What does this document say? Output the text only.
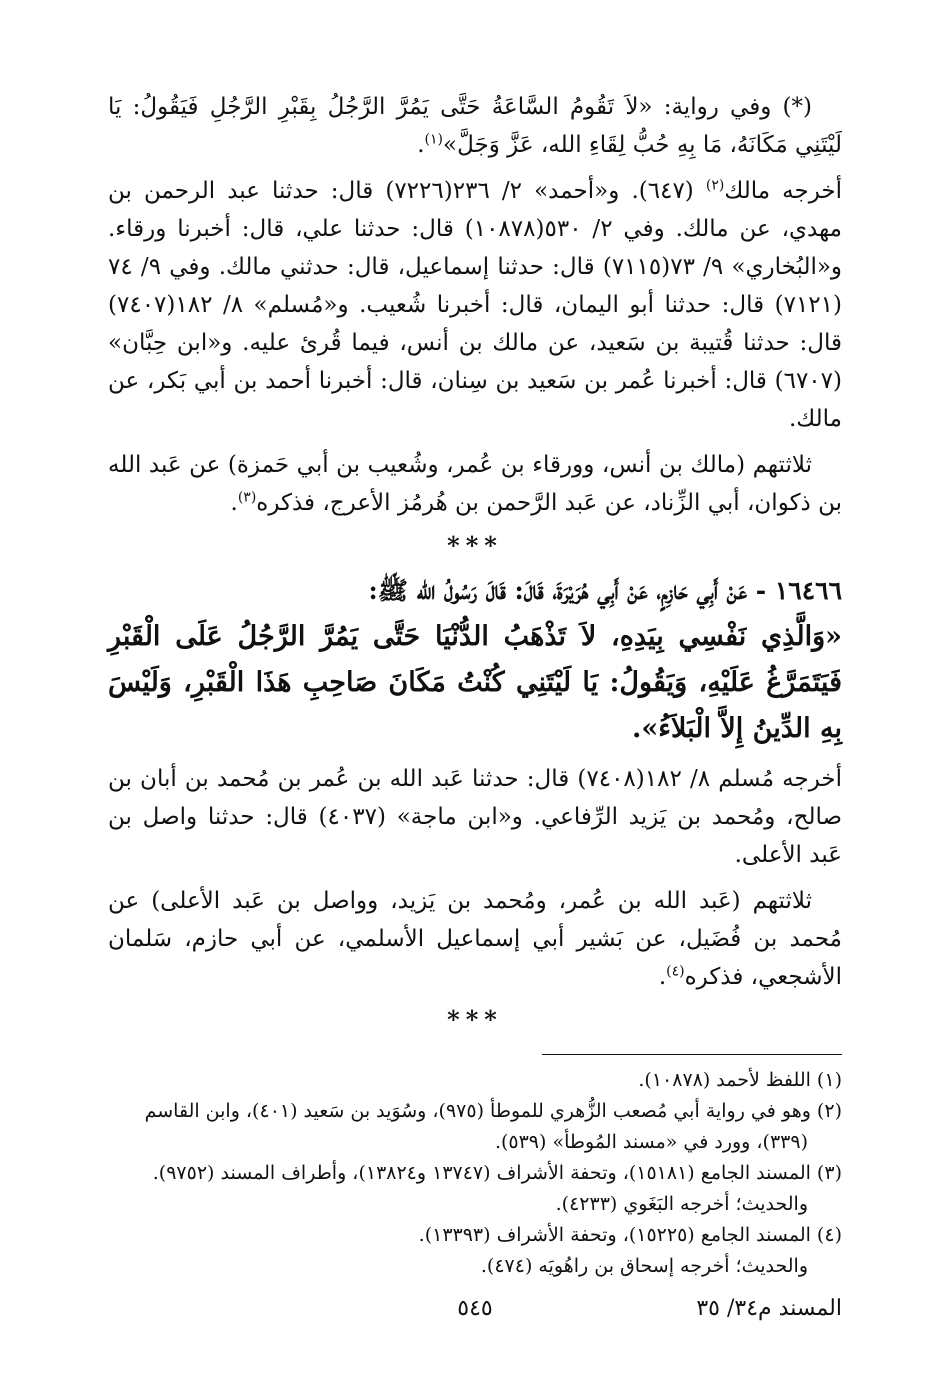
(*) وفي رواية: «لاَ تَقُومُ السَّاعَةُ حَتَّى يَمُرَّ الرَّجُلُ بِقَبْرِ الرَّجُلِ فَيَقُولُ: يَا لَيْتَنِي مَكَانَهُ، مَا بِهِ حُبُّ لِقَاءِ الله، عَزَّ وَجَلَّ»$^{(١)}$.

أخرجه مالك$^{(٢)}$ (٦٤٧). و«أحمد» ٢/ ٢٣٦(٧٢٢٦) قال: حدثنا عبد الرحمن بن مهدي، عن مالك. وفي ٢/ ٥٣٠(١٠٨٧٨) قال: حدثنا علي، قال: أخبرنا ورقاء. و«البُخاري» ٩/ ٧٣(٧١١٥) قال: حدثنا إسماعيل، قال: حدثني مالك. وفي ٩/ ٧٤ (٧١٢١) قال: حدثنا أبو اليمان، قال: أخبرنا شُعيب. و«مُسلم» ٨/ ١٨٢(٧٤٠٧) قال: حدثنا قُتيبة بن سَعيد، عن مالك بن أنس، فيما قُرئ عليه. و«ابن حِبَّان» (٦٧٠٧) قال: أخبرنا عُمر بن سَعيد بن سِنان، قال: أخبرنا أحمد بن أبي بَكر، عن مالك.

ثلاثتهم (مالك بن أنس، وورقاء بن عُمر، وشُعيب بن أبي حَمزة) عن عَبد الله بن ذكوان، أبي الزِّناد، عن عَبد الرَّحمن بن هُرمُز الأعرج، فذكره$^{(٣)}$.

***
١٦٤٦٦ - عَنْ أَبِي حَازِمٍ، عَنْ أَبِي هُرَيْرَةَ، قَالَ: قَالَ رَسُولُ الله ﷺ:

«وَالَّذِي نَفْسِي بِيَدِهِ، لاَ تَذْهَبُ الدُّنْيَا حَتَّى يَمُرَّ الرَّجُلُ عَلَى الْقَبْرِ فَيَتَمَرَّغُ عَلَيْهِ، وَيَقُولُ: يَا لَيْتَنِي كُنْتُ مَكَانَ صَاحِبِ هَذَا الْقَبْرِ، وَلَيْسَ بِهِ الدِّينُ إِلاَّ الْبَلاَءُ».

أخرجه مُسلم ٨/ ١٨٢(٧٤٠٨) قال: حدثنا عَبد الله بن عُمر بن مُحمد بن أبان بن صالح، ومُحمد بن يَزيد الرِّفاعي. و«ابن ماجة» (٤٠٣٧) قال: حدثنا واصل بن عَبد الأعلى.

ثلاثتهم (عَبد الله بن عُمر، ومُحمد بن يَزيد، وواصل بن عَبد الأعلى) عن مُحمد بن فُضَيل، عن بَشير أبي إسماعيل الأسلمي، عن أبي حازم، سَلمان الأشجعي، فذكره$^{(٤)}$.

***

(١) اللفظ لأحمد (١٠٨٧٨).

(٢) وهو في رواية أبي مُصعب الزُّهري للموطأ (٩٧٥)، وسُوَيد بن سَعيد (٤٠١)، وابن القاسم

(٣٣٩)، وورد في «مسند المُوطأ» (٥٣٩).

(٣) المسند الجامع (١٥١٨١)، وتحفة الأشراف (١٣٧٤٧ و١٣٨٢٤)، وأطراف المسند (٩٧٥٢).

والحديث؛ أخرجه البَغَوي (٤٢٣٣).

(٤) المسند الجامع (١٥٢٢٥)، وتحفة الأشراف (١٣٣٩٣).

والحديث؛ أخرجه إسحاق بن راهُويَه (٤٧٤).

المسند م٣٤/ ٣٥
٥٤٥
